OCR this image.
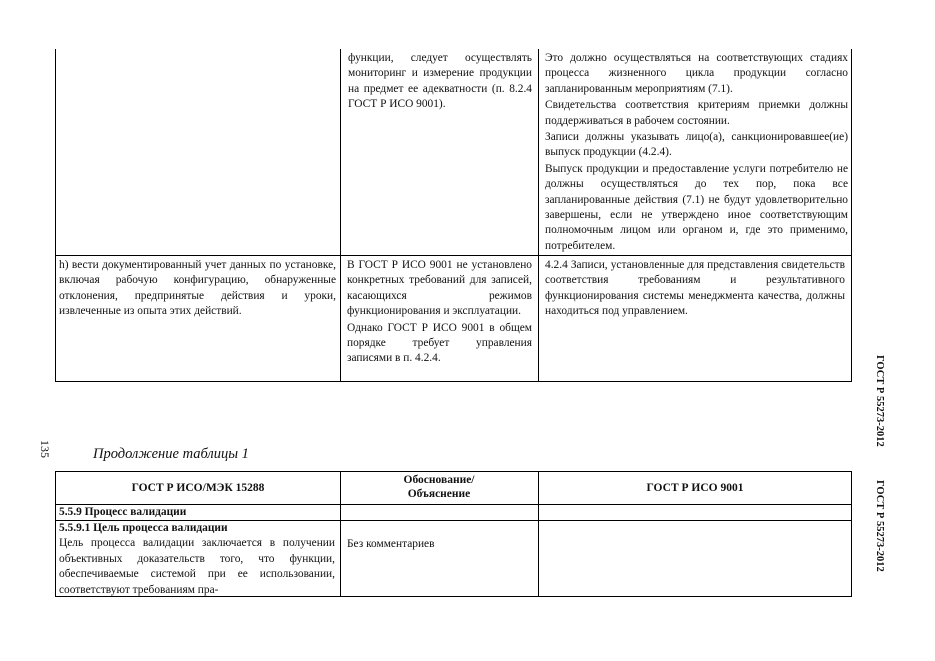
функции, следует осуществлять мониторинг и измерение продукции на предмет ее адекватности (п. 8.2.4 ГОСТ Р ИСО 9001).

Это должно осуществляться на соответствующих стадиях процесса жизненного цикла продукции согласно запланированным мероприятиям (7.1).

Свидетельства соответствия критериям приемки должны поддерживаться в рабочем состоянии.

Записи должны указывать лицо(а), санкционировавшее(ие) выпуск продукции (4.2.4).

Выпуск продукции и предоставление услуги потребителю не должны осуществляться до тех пор, пока все запланированные действия (7.1) не будут удовлетворительно завершены, если не утверждено иное соответствующим полномочным лицом или органом и, где это применимо, потребителем.

h) вести документированный учет данных по установке, включая рабочую конфигурацию, обнаруженные отклонения, предпринятые действия и уроки, извлеченные из опыта этих действий.

В ГОСТ Р ИСО 9001 не установлено конкретных требований для записей, касающихся режимов функционирования и эксплуатации.

Однако ГОСТ Р ИСО 9001 в общем порядке требует управления записями в п. 4.2.4.

4.2.4 Записи, установленные для представления свидетельств соответствия требованиям и результативного функционирования системы менеджмента качества, должны находиться под управлением.

135	Продолжение таблицы 1
ГОСТ Р ИСО/МЭК 15288
Обоснование/ Объяснение	ГОСТ Р ИСО 9001
5.5.9 Процесс валидации

5.5.9.1 Цель процесса валидации

Цель процесса валидации заключается в получении объективных доказательств того, что функции, обеспечиваемые системой при ее использовании, соответствуют требованиям пра-

Без комментариев
ГОСТ Р 55273-2012
ГОСТ Р 55273-2012
